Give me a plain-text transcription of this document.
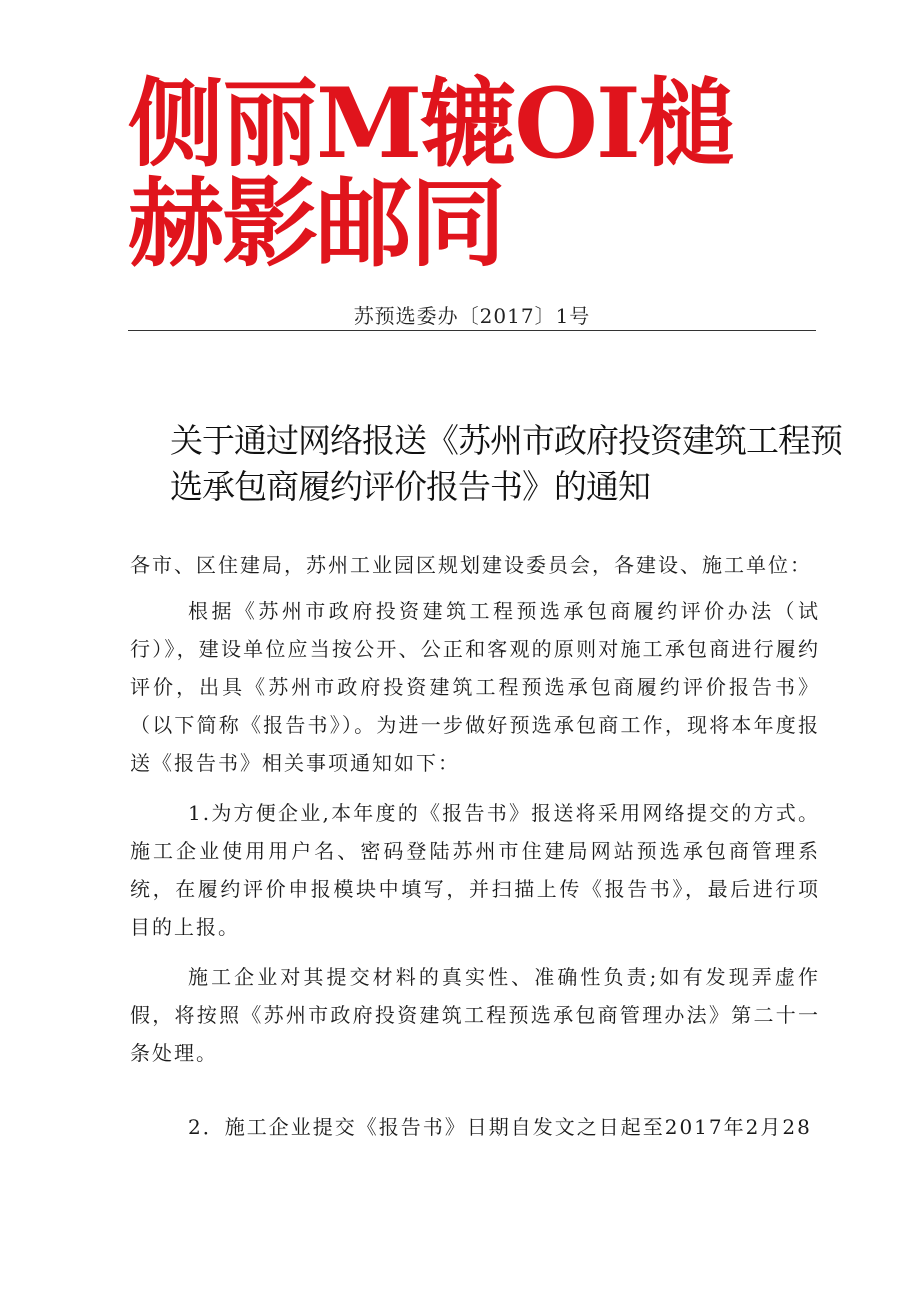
侧丽M辘OI槌
赫影邮同
苏预选委办〔2017〕1号
关于通过网络报送《苏州市政府投资建筑工程预
选承包商履约评价报告书》的通知
各市、区住建局，苏州工业园区规划建设委员会，各建设、施工单位：
根据《苏州市政府投资建筑工程预选承包商履约评价办法（试行）》，建设单位应当按公开、公正和客观的原则对施工承包商进行履约评价，出具《苏州市政府投资建筑工程预选承包商履约评价报告书》（以下简称《报告书》）。为进一步做好预选承包商工作，现将本年度报送《报告书》相关事项通知如下：
1.为方便企业,本年度的《报告书》报送将采用网络提交的方式。施工企业使用用户名、密码登陆苏州市住建局网站预选承包商管理系统，在履约评价申报模块中填写，并扫描上传《报告书》，最后进行项目的上报。
施工企业对其提交材料的真实性、准确性负责;如有发现弄虚作假，将按照《苏州市政府投资建筑工程预选承包商管理办法》第二十一条处理。
2．施工企业提交《报告书》日期自发文之日起至2017年2月28
